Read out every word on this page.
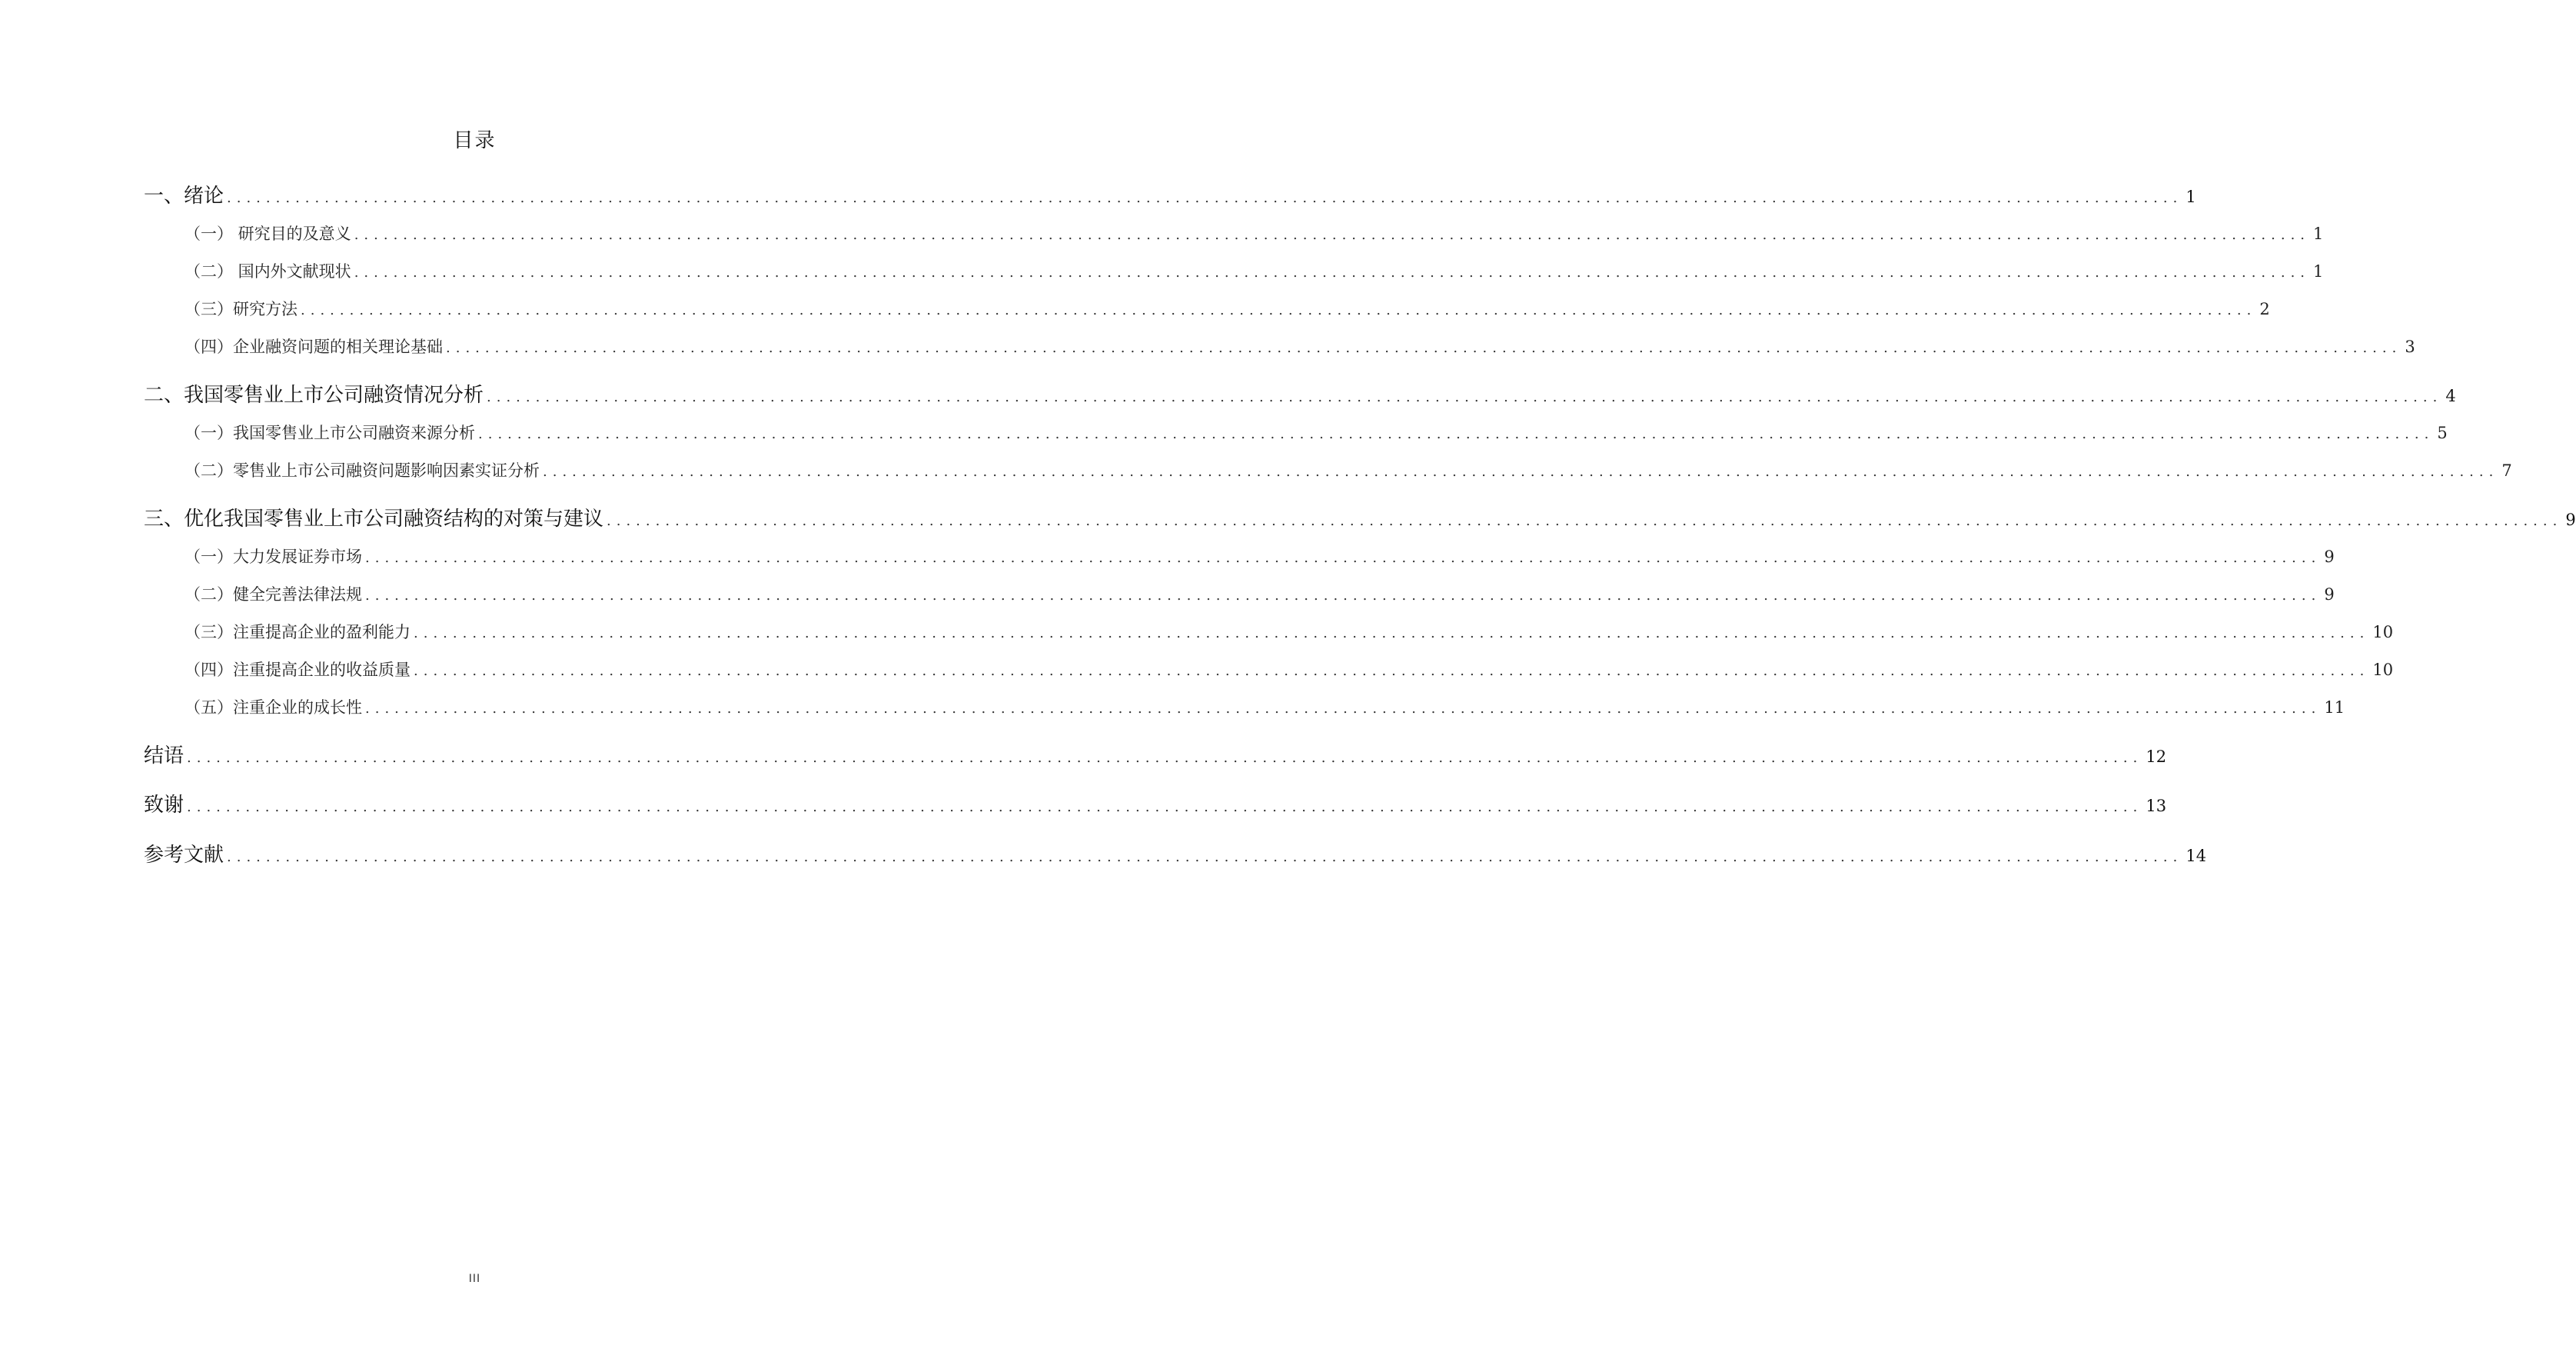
目录
一、绪论 ........................................................................................................................................................................................................ 1
（一） 研究目的及意义 ........................................................................................................................................................................................................ 1
（二） 国内外文献现状 ........................................................................................................................................................................................................ 1
（三）研究方法 ........................................................................................................................................................................................................ 2
（四）企业融资问题的相关理论基础 ........................................................................................................................................................................................................ 3
二、我国零售业上市公司融资情况分析 ........................................................................................................................................................................................................ 4
（一）我国零售业上市公司融资来源分析 ........................................................................................................................................................................................................ 5
（二）零售业上市公司融资问题影响因素实证分析 ........................................................................................................................................................................................................ 7
三、优化我国零售业上市公司融资结构的对策与建议 ........................................................................................................................................................................................................ 9
（一）大力发展证券市场 ........................................................................................................................................................................................................ 9
（二）健全完善法律法规 ........................................................................................................................................................................................................ 9
（三）注重提高企业的盈利能力 ........................................................................................................................................................................................................ 10
（四）注重提高企业的收益质量 ........................................................................................................................................................................................................ 10
（五）注重企业的成长性 ........................................................................................................................................................................................................ 11
结语 ........................................................................................................................................................................................................ 12
致谢 ........................................................................................................................................................................................................ 13
参考文献 ........................................................................................................................................................................................................ 14
III
